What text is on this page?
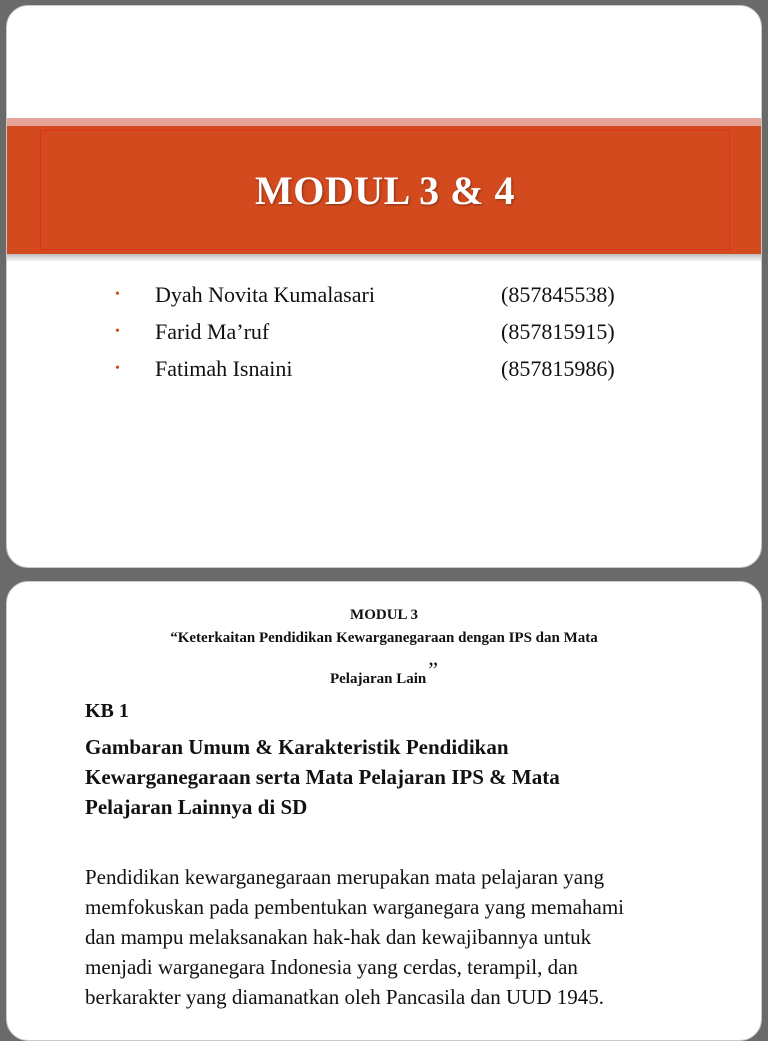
MODUL 3 & 4
•	Dyah Novita Kumalasari	(857845538)
•	Farid Ma’ruf	(857815915)
•	Fatimah Isnaini	(857815986)
MODUL 3
“Keterkaitan Pendidikan Kewarganegaraan dengan IPS dan Mata
Pelajaran Lain”
KB 1
Gambaran Umum & Karakteristik Pendidikan
Kewarganegaraan serta Mata Pelajaran IPS & Mata
Pelajaran Lainnya di SD
Pendidikan kewarganegaraan merupakan mata pelajaran yang
memfokuskan pada pembentukan warganegara yang memahami
dan mampu melaksanakan hak-hak dan kewajibannya untuk
menjadi warganegara Indonesia yang cerdas, terampil, dan
berkarakter yang diamanatkan oleh Pancasila dan UUD 1945.
